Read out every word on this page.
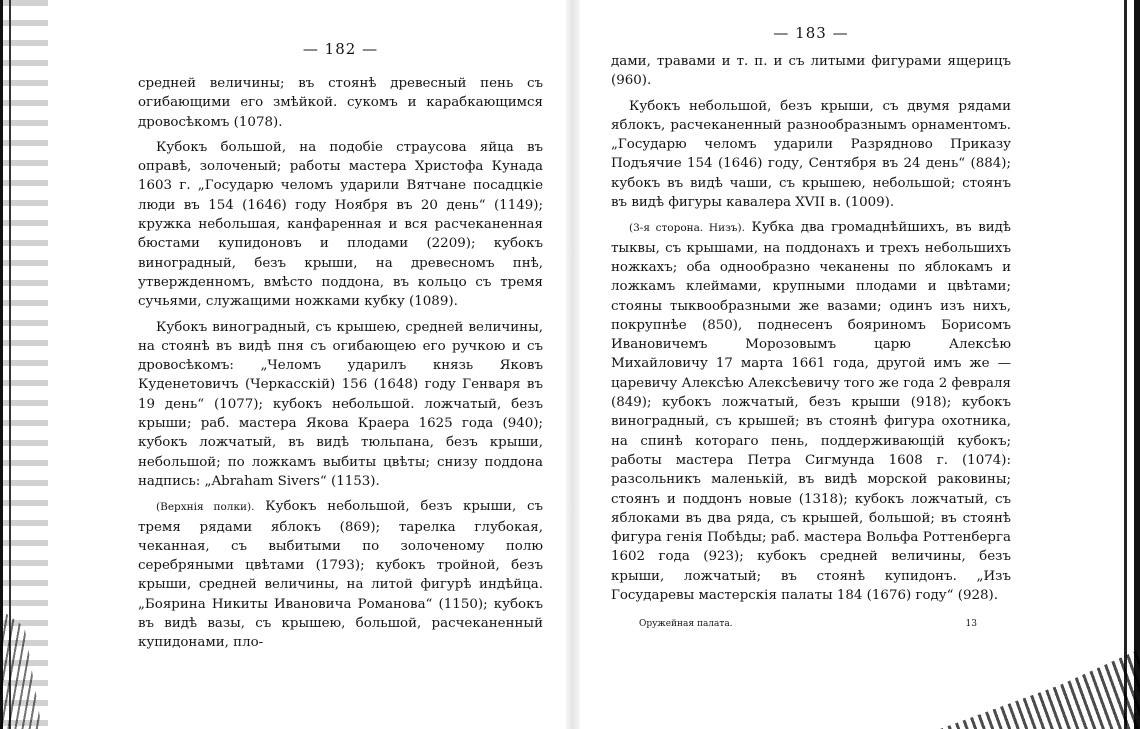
— 182 —

средней величины; въ стоянѣ древесный пень съ огибающими его змѣйкой. сукомъ и карабкающимся дровосѣкомъ (1078).

Кубокъ большой, на подобіе страусова яйца въ оправѣ, золоченый; работы мастера Христофа Кунада 1603 г. „Государю челомъ ударили Вятчане посадцкіе люди въ 154 (1646) году Ноября въ 20 день“ (1149); кружка небольшая, канфаренная и вся расчеканенная бюстами купидоновъ и плодами (2209); кубокъ виноградный, безъ крыши, на древесномъ пнѣ, утвержденномъ, вмѣсто поддона, въ кольцо съ тремя сучьями, служащими ножками кубку (1089).

Кубокъ виноградный, съ крышею, средней величины, на стоянѣ въ видѣ пня съ огибающею его ручкою и съ дровосѣкомъ: „Челомъ ударилъ князь Яковъ Куденетовичъ (Черкасскій) 156 (1648) году Генваря въ 19 день“ (1077); кубокъ небольшой. ложчатый, безъ крыши; раб. мастера Якова Краера 1625 года (940); кубокъ ложчатый, въ видѣ тюльпана, безъ крыши, небольшой; по ложкамъ выбиты цвѣты; снизу поддона надпись: „Abraham Sivers“ (1153).

(Верхнія полки). Кубокъ небольшой, безъ крыши, съ тремя рядами яблокъ (869); тарелка глубокая, чеканная, съ выбитыми по золоченому полю серебряными цвѣтами (1793); кубокъ тройной, безъ крыши, средней величины, на литой фигурѣ индѣйца. „Боярина Никиты Ивановича Романова“ (1150); кубокъ въ видѣ вазы, съ крышею, большой, расчеканенный купидонами, пло-

— 183 —

дами, травами и т. п. и съ литыми фигурами ящерицъ (960).

Кубокъ небольшой, безъ крыши, съ двумя рядами яблокъ, расчеканенный разнообразнымъ орнаментомъ. „Государю челомъ ударили Разрядново Приказу Подъячие 154 (1646) году, Сентября въ 24 день“ (884); кубокъ въ видѣ чаши, съ крышею, небольшой; стоянъ въ видѣ фигуры кавалера XVII в. (1009).

(3-я сторона. Низъ). Кубка два громаднѣйшихъ, въ видѣ тыквы, съ крышами, на поддонахъ и трехъ небольшихъ ножкахъ; оба однообразно чеканены по яблокамъ и ложкамъ клеймами, крупными плодами и цвѣтами; стояны тыквообразными же вазами; одинъ изъ нихъ, покрупнѣе (850), поднесенъ бояриномъ Борисомъ Ивановичемъ Морозовымъ царю Алексѣю Михайловичу 17 марта 1661 года, другой имъ же — царевичу Алексѣю Алексѣевичу того же года 2 февраля (849); кубокъ ложчатый, безъ крыши (918); кубокъ виноградный, съ крышей; въ стоянѣ фигура охотника, на спинѣ котораго пень, поддерживающій кубокъ; работы мастера Петра Сигмунда 1608 г. (1074): разсольникъ маленькій, въ видѣ морской раковины; стоянъ и поддонъ новые (1318); кубокъ ложчатый, съ яблоками въ два ряда, съ крышей, большой; въ стоянѣ фигура генія Побѣды; раб. мастера Вольфа Роттенберга 1602 года (923); кубокъ средней величины, безъ крыши, ложчатый; въ стоянѣ купидонъ. „Изъ Государевы мастерскія палаты 184 (1676) году“ (928).

Оружейная палата.	13
